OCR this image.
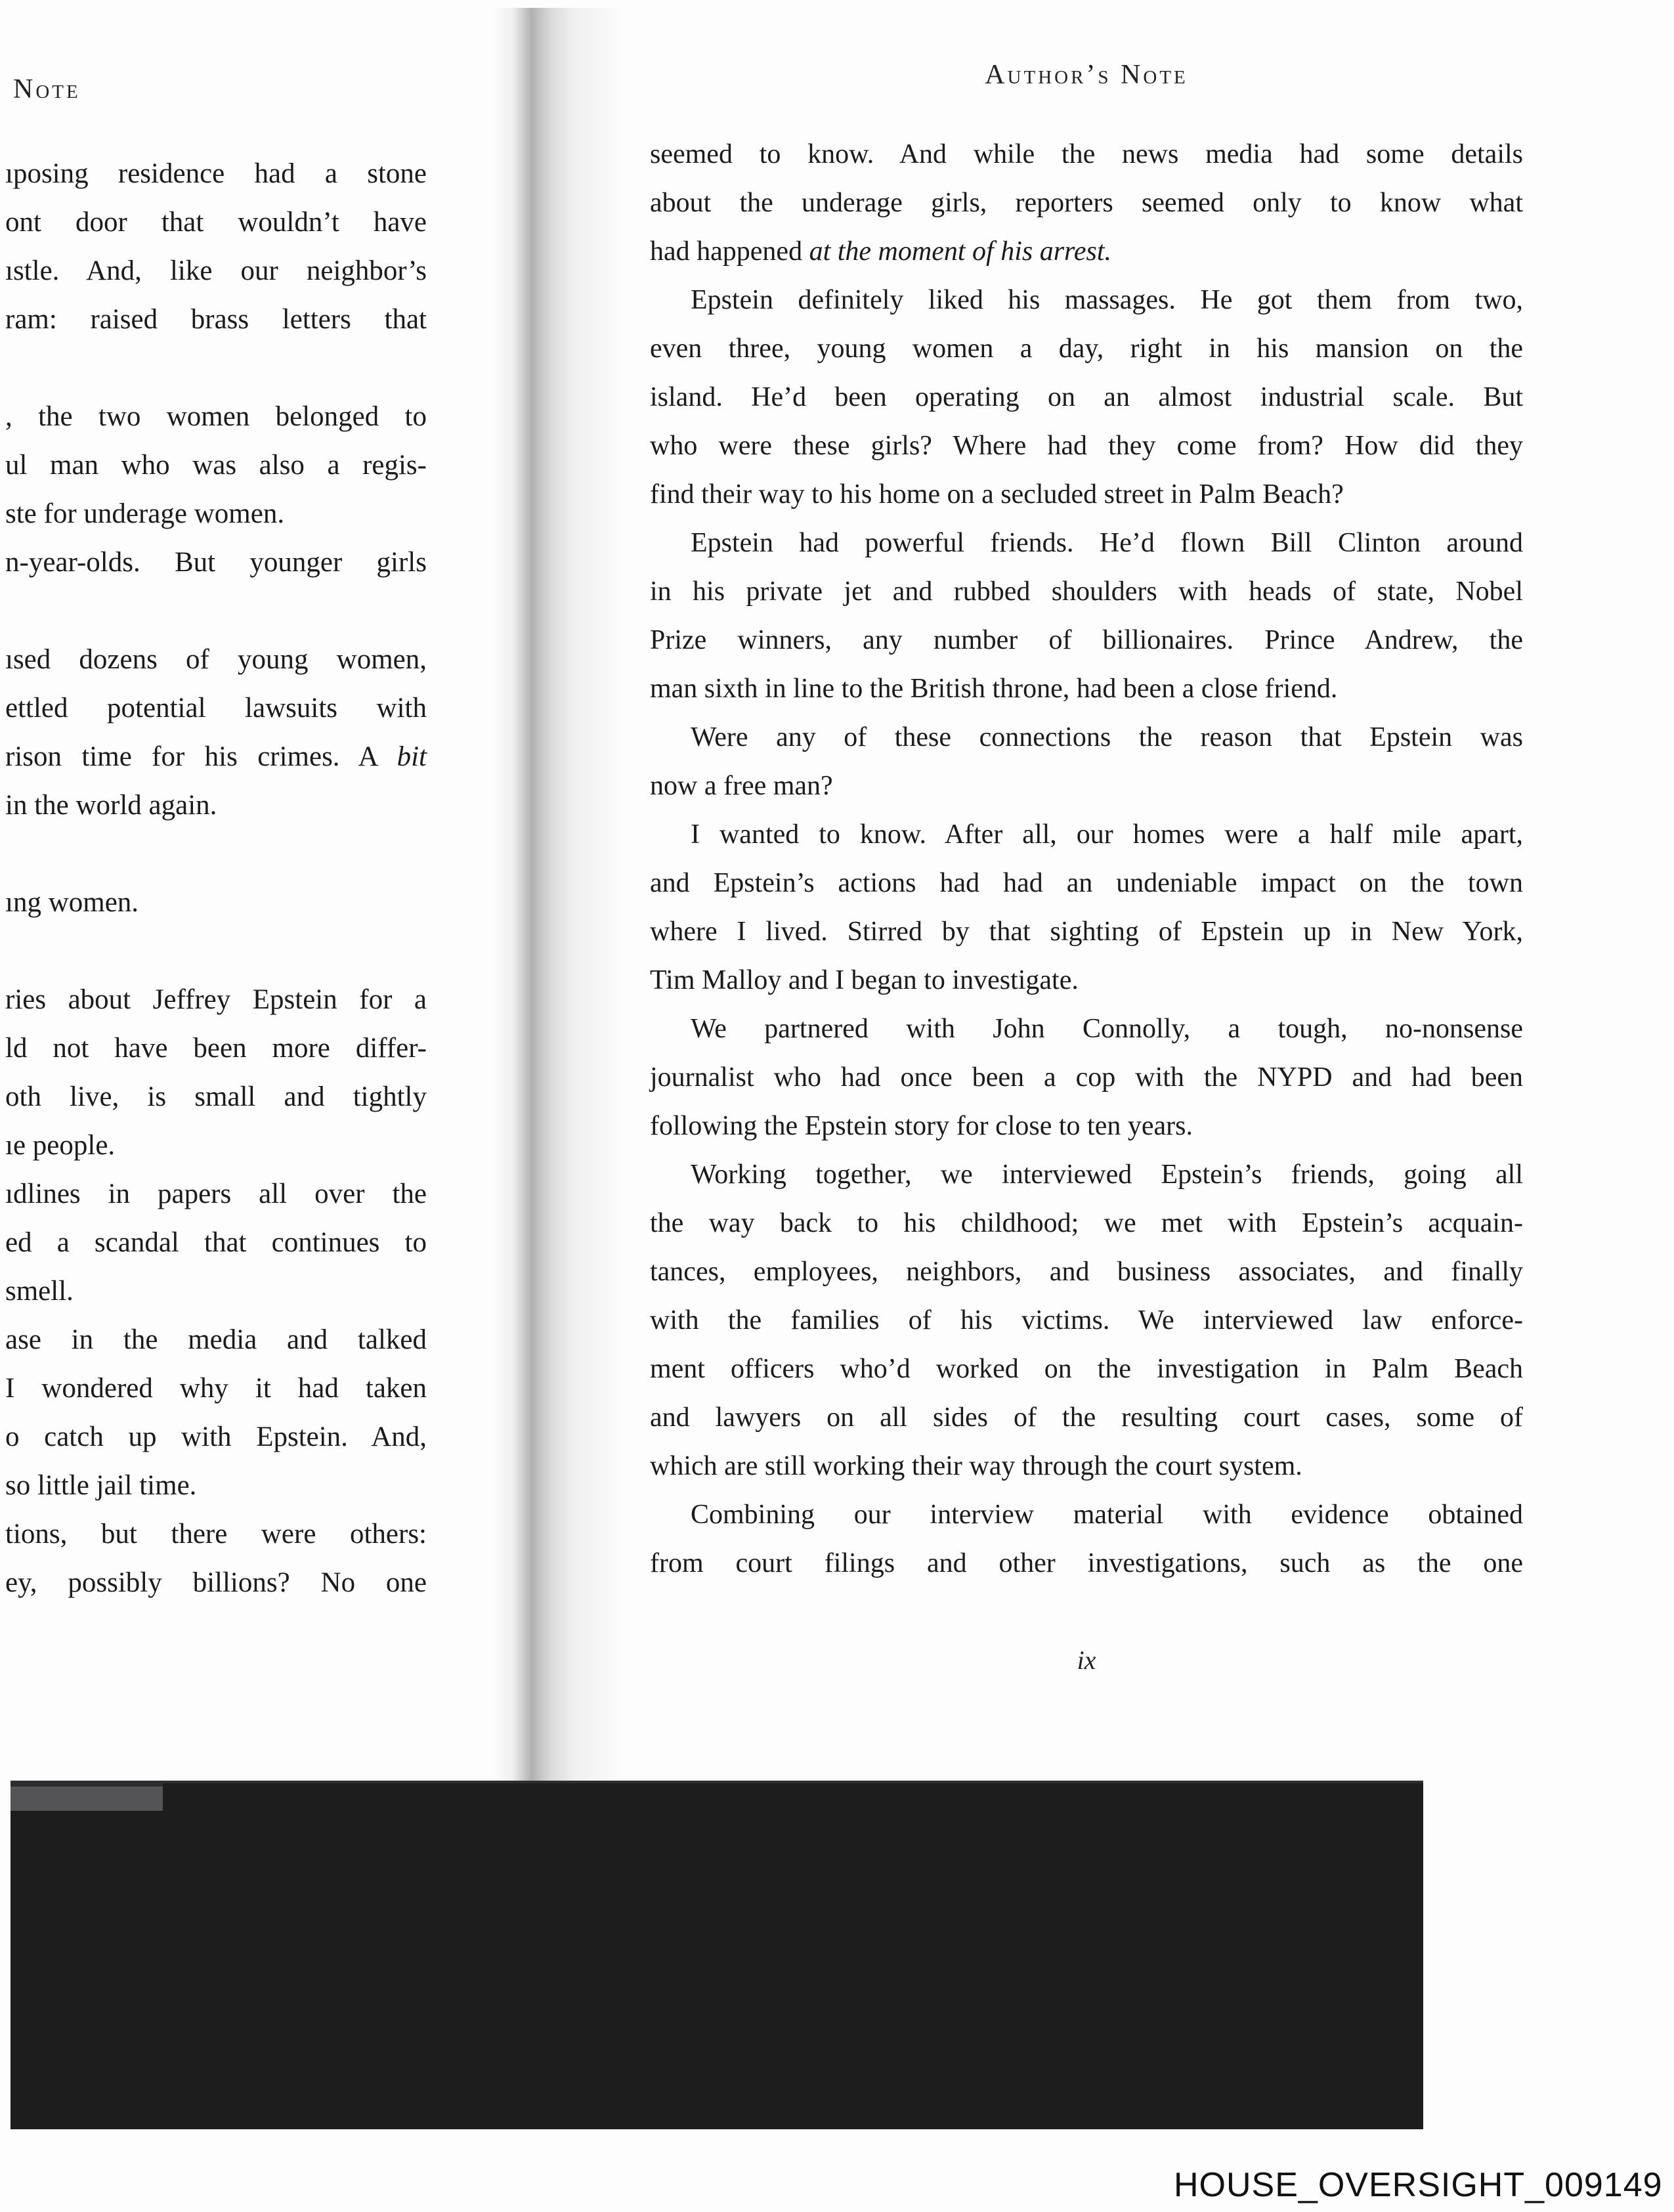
Note	Author’s Note
ıposing residence had a stone
ont door that wouldn’t have
ıstle. And, like our neighbor’s
ram: raised brass letters that
, the two women belonged to
ul man who was also a regis-
ste for underage women.
n-year-olds. But younger girls
ısed dozens of young women,
ettled potential lawsuits with
rison time for his crimes. A bit
in the world again.
ıng women.
ries about Jeffrey Epstein for a
ld not have been more differ-
oth live, is small and tightly
ıe people.
ıdlines in papers all over the
ed a scandal that continues to
smell.
ase in the media and talked
I wondered why it had taken
o catch up with Epstein. And,
so little jail time.
tions, but there were others:
ey, possibly billions? No one
seemed to know. And while the news media had some details
about the underage girls, reporters seemed only to know what
had happened at the moment of his arrest.
Epstein definitely liked his massages. He got them from two,
even three, young women a day, right in his mansion on the
island. He’d been operating on an almost industrial scale. But
who were these girls? Where had they come from? How did they
find their way to his home on a secluded street in Palm Beach?
Epstein had powerful friends. He’d flown Bill Clinton around
in his private jet and rubbed shoulders with heads of state, Nobel
Prize winners, any number of billionaires. Prince Andrew, the
man sixth in line to the British throne, had been a close friend.
Were any of these connections the reason that Epstein was
now a free man?
I wanted to know. After all, our homes were a half mile apart,
and Epstein’s actions had had an undeniable impact on the town
where I lived. Stirred by that sighting of Epstein up in New York,
Tim Malloy and I began to investigate.
We partnered with John Connolly, a tough, no-nonsense
journalist who had once been a cop with the NYPD and had been
following the Epstein story for close to ten years.
Working together, we interviewed Epstein’s friends, going all
the way back to his childhood; we met with Epstein’s acquain-
tances, employees, neighbors, and business associates, and finally
with the families of his victims. We interviewed law enforce-
ment officers who’d worked on the investigation in Palm Beach
and lawyers on all sides of the resulting court cases, some of
which are still working their way through the court system.
Combining our interview material with evidence obtained
from court filings and other investigations, such as the one
ix
HOUSE_OVERSIGHT_009149
